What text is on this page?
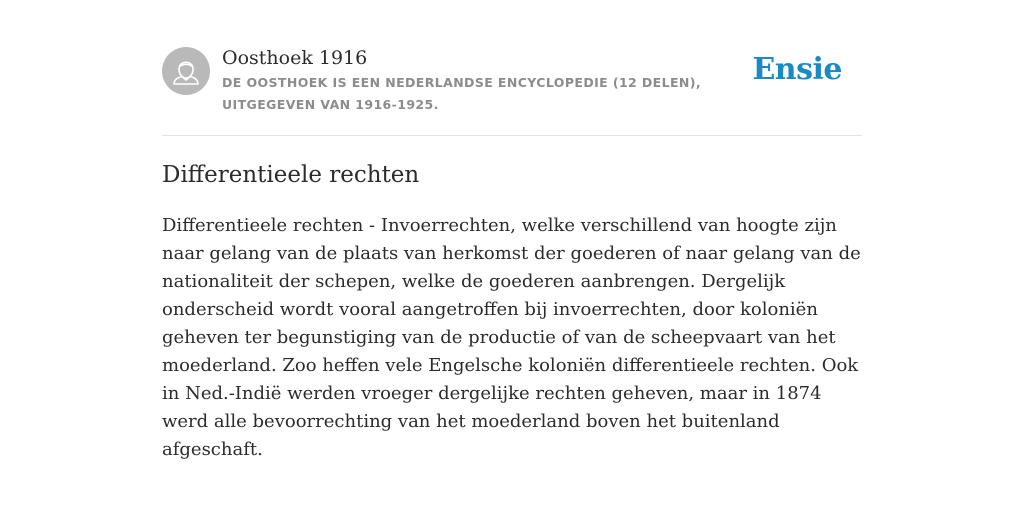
Oosthoek 1916

DE OOSTHOEK IS EEN NEDERLANDSE ENCYCLOPEDIE (12 DELEN), UITGEGEVEN VAN 1916-1925.

Ensie
Differentieele rechten

Differentieele rechten - Invoerrechten, welke verschillend van hoogte zijn naar gelang van de plaats van herkomst der goederen of naar gelang van de nationaliteit der schepen, welke de goederen aanbrengen. Dergelijk onderscheid wordt vooral aangetroffen bij invoerrechten, door koloniën geheven ter begunstiging van de productie of van de scheepvaart van het moederland. Zoo heffen vele Engelsche koloniën differentieele rechten. Ook in Ned.-Indië werden vroeger dergelijke rechten geheven, maar in 1874 werd alle bevoorrechting van het moederland boven het buitenland afgeschaft.
